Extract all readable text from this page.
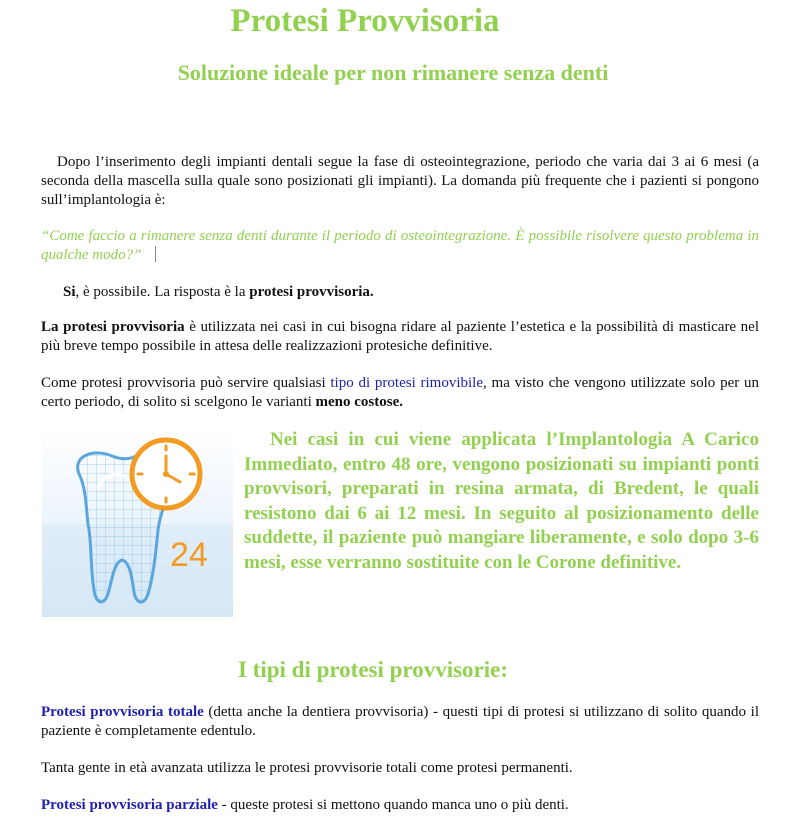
Protesi Provvisoria
Soluzione ideale per non rimanere senza denti
Dopo l’inserimento degli impianti dentali segue la fase di osteointegrazione, periodo che varia dai 3 ai 6 mesi (a seconda della mascella sulla quale sono posizionati gli impianti). La domanda più frequente che i pazienti si pongono sull’implantologia è:
“Come faccio a rimanere senza denti durante il periodo di osteointegrazione. È possibile risolvere questo problema in qualche modo?”
Si, è possibile. La risposta è la protesi provvisoria.
La protesi provvisoria è utilizzata nei casi in cui bisogna ridare al paziente l’estetica e la possibilità di masticare nel più breve tempo possibile in attesa delle realizzazioni protesiche definitive.
Come protesi provvisoria può servire qualsiasi tipo di protesi rimovibile, ma visto che vengono utilizzate solo per un certo periodo, di solito si scelgono le varianti meno costose.
24
Nei casi in cui viene applicata l’Implantologia A Carico Immediato, entro 48 ore, vengono posizionati su impianti ponti provvisori, preparati in resina armata, di Bredent, le quali resistono dai 6 ai 12 mesi. In seguito al posizionamento delle suddette, il paziente può mangiare liberamente, e solo dopo 3-6 mesi, esse verranno sostituite con le Corone definitive.
I tipi di protesi provvisorie:
Protesi provvisoria totale (detta anche la dentiera provvisoria) - questi tipi di protesi si utilizzano di solito quando il paziente è completamente edentulo.
Tanta gente in età avanzata utilizza le protesi provvisorie totali come protesi permanenti.
Protesi provvisoria parziale - queste protesi si mettono quando manca uno o più denti.
